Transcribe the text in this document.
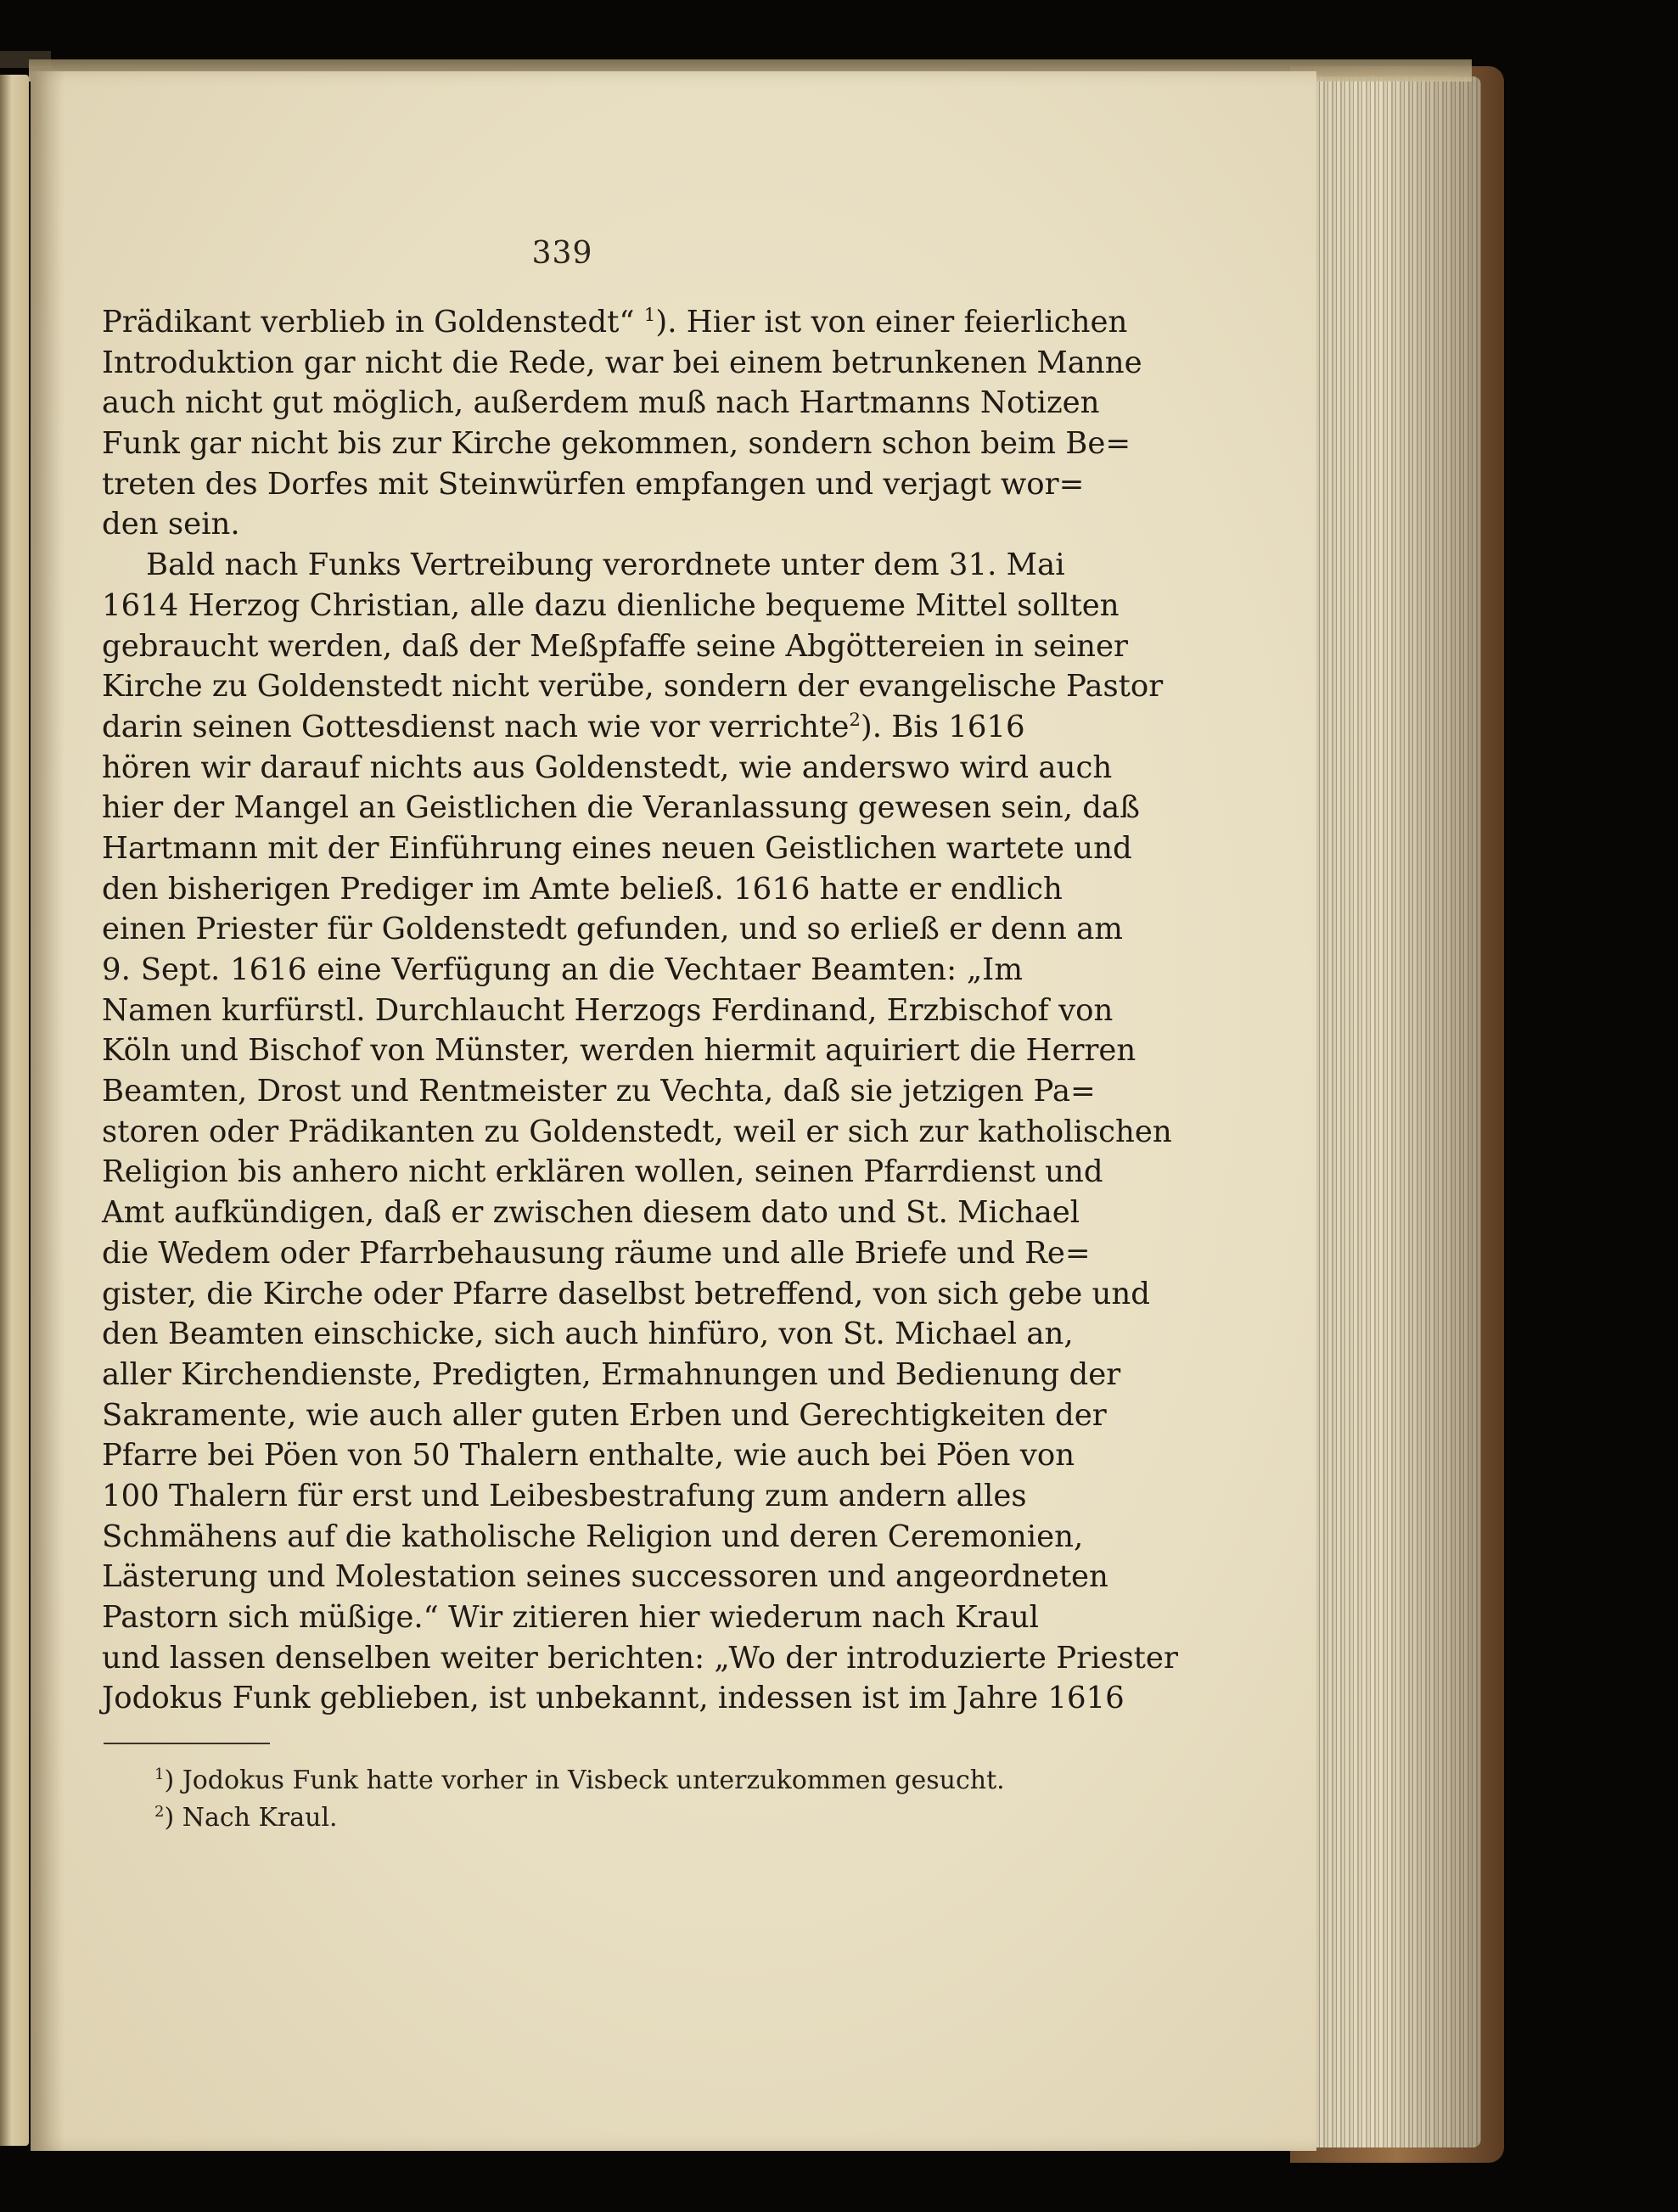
339
Prädikant verblieb in Goldenstedt“ $^1$). Hier ist von einer feierlichen
Introduktion gar nicht die Rede, war bei einem betrunkenen Manne
auch nicht gut möglich, außerdem muß nach Hartmanns Notizen
Funk gar nicht bis zur Kirche gekommen, sondern schon beim Be=
treten des Dorfes mit Steinwürfen empfangen und verjagt wor=
den sein.
Bald nach Funks Vertreibung verordnete unter dem 31. Mai
1614 Herzog Christian, alle dazu dienliche bequeme Mittel sollten
gebraucht werden, daß der Meßpfaffe seine Abgöttereien in seiner
Kirche zu Goldenstedt nicht verübe, sondern der evangelische Pastor
darin seinen Gottesdienst nach wie vor verrichte$^2$). Bis 1616
hören wir darauf nichts aus Goldenstedt, wie anderswo wird auch
hier der Mangel an Geistlichen die Veranlassung gewesen sein, daß
Hartmann mit der Einführung eines neuen Geistlichen wartete und
den bisherigen Prediger im Amte beließ. 1616 hatte er endlich
einen Priester für Goldenstedt gefunden, und so erließ er denn am
9. Sept. 1616 eine Verfügung an die Vechtaer Beamten: „Im
Namen kurfürstl. Durchlaucht Herzogs Ferdinand, Erzbischof von
Köln und Bischof von Münster, werden hiermit aquiriert die Herren
Beamten, Drost und Rentmeister zu Vechta, daß sie jetzigen Pa=
storen oder Prädikanten zu Goldenstedt, weil er sich zur katholischen
Religion bis anhero nicht erklären wollen, seinen Pfarrdienst und
Amt aufkündigen, daß er zwischen diesem dato und St. Michael
die Wedem oder Pfarrbehausung räume und alle Briefe und Re=
gister, die Kirche oder Pfarre daselbst betreffend, von sich gebe und
den Beamten einschicke, sich auch hinfüro, von St. Michael an,
aller Kirchendienste, Predigten, Ermahnungen und Bedienung der
Sakramente, wie auch aller guten Erben und Gerechtigkeiten der
Pfarre bei Pöen von 50 Thalern enthalte, wie auch bei Pöen von
100 Thalern für erst und Leibesbestrafung zum andern alles
Schmähens auf die katholische Religion und deren Ceremonien,
Lästerung und Molestation seines successoren und angeordneten
Pastorn sich müßige.“ Wir zitieren hier wiederum nach Kraul
und lassen denselben weiter berichten: „Wo der introduzierte Priester
Jodokus Funk geblieben, ist unbekannt, indessen ist im Jahre 1616
$^1$) Jodokus Funk hatte vorher in Visbeck unterzukommen gesucht.
$^2$) Nach Kraul.
